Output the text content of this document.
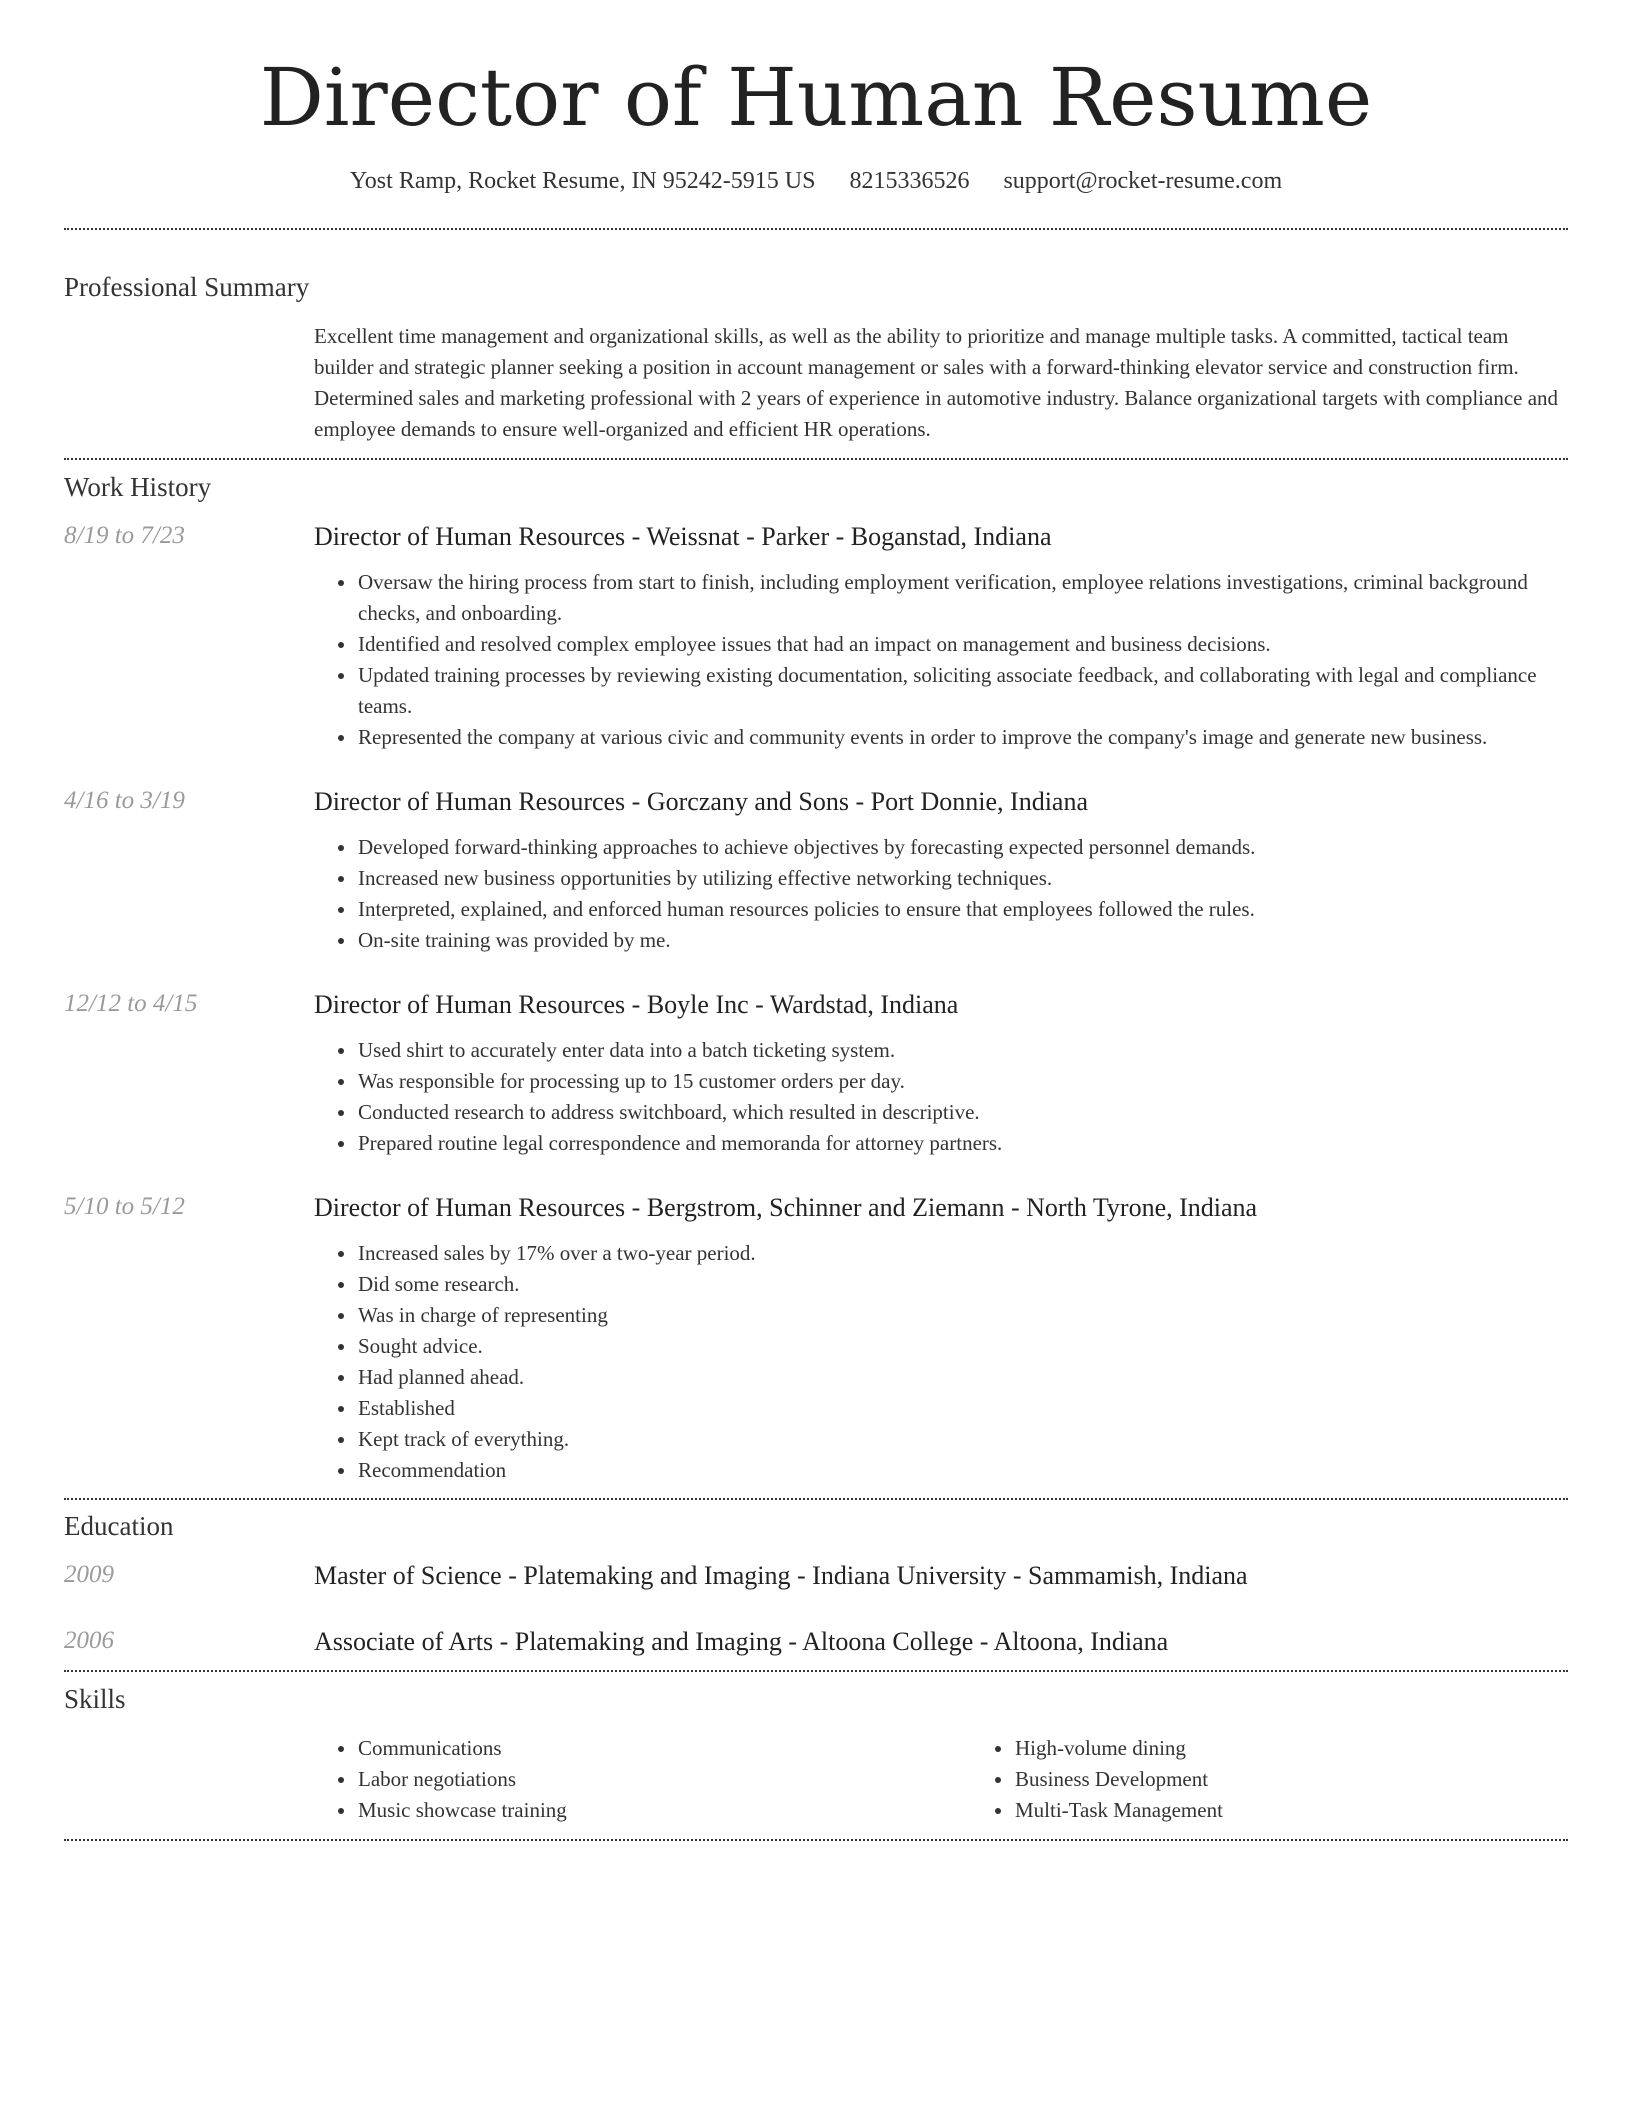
Director of Human Resume
Yost Ramp, Rocket Resume, IN 95242-5915 US 8215336526 support@rocket-resume.com
Professional Summary
Excellent time management and organizational skills, as well as the ability to prioritize and manage multiple tasks. A committed, tactical team builder and strategic planner seeking a position in account management or sales with a forward-thinking elevator service and construction firm. Determined sales and marketing professional with 2 years of experience in automotive industry. Balance organizational targets with compliance and employee demands to ensure well-organized and efficient HR operations.
Work History
8/19 to 7/23	Director of Human Resources - Weissnat - Parker - Boganstad, Indiana
• Oversaw the hiring process from start to finish, including employment verification, employee relations investigations, criminal background checks, and onboarding.
• Identified and resolved complex employee issues that had an impact on management and business decisions.
• Updated training processes by reviewing existing documentation, soliciting associate feedback, and collaborating with legal and compliance teams.
• Represented the company at various civic and community events in order to improve the company's image and generate new business.
4/16 to 3/19	Director of Human Resources - Gorczany and Sons - Port Donnie, Indiana
• Developed forward-thinking approaches to achieve objectives by forecasting expected personnel demands.
• Increased new business opportunities by utilizing effective networking techniques.
• Interpreted, explained, and enforced human resources policies to ensure that employees followed the rules.
• On-site training was provided by me.
12/12 to 4/15	Director of Human Resources - Boyle Inc - Wardstad, Indiana
• Used shirt to accurately enter data into a batch ticketing system.
• Was responsible for processing up to 15 customer orders per day.
• Conducted research to address switchboard, which resulted in descriptive.
• Prepared routine legal correspondence and memoranda for attorney partners.
5/10 to 5/12	Director of Human Resources - Bergstrom, Schinner and Ziemann - North Tyrone, Indiana
• Increased sales by 17% over a two-year period.
• Did some research.
• Was in charge of representing
• Sought advice.
• Had planned ahead.
• Established
• Kept track of everything.
• Recommendation
Education
2009	Master of Science - Platemaking and Imaging - Indiana University - Sammamish, Indiana
2006	Associate of Arts - Platemaking and Imaging - Altoona College - Altoona, Indiana
Skills
• Communications
• Labor negotiations
• Music showcase training
• High-volume dining
• Business Development
• Multi-Task Management
